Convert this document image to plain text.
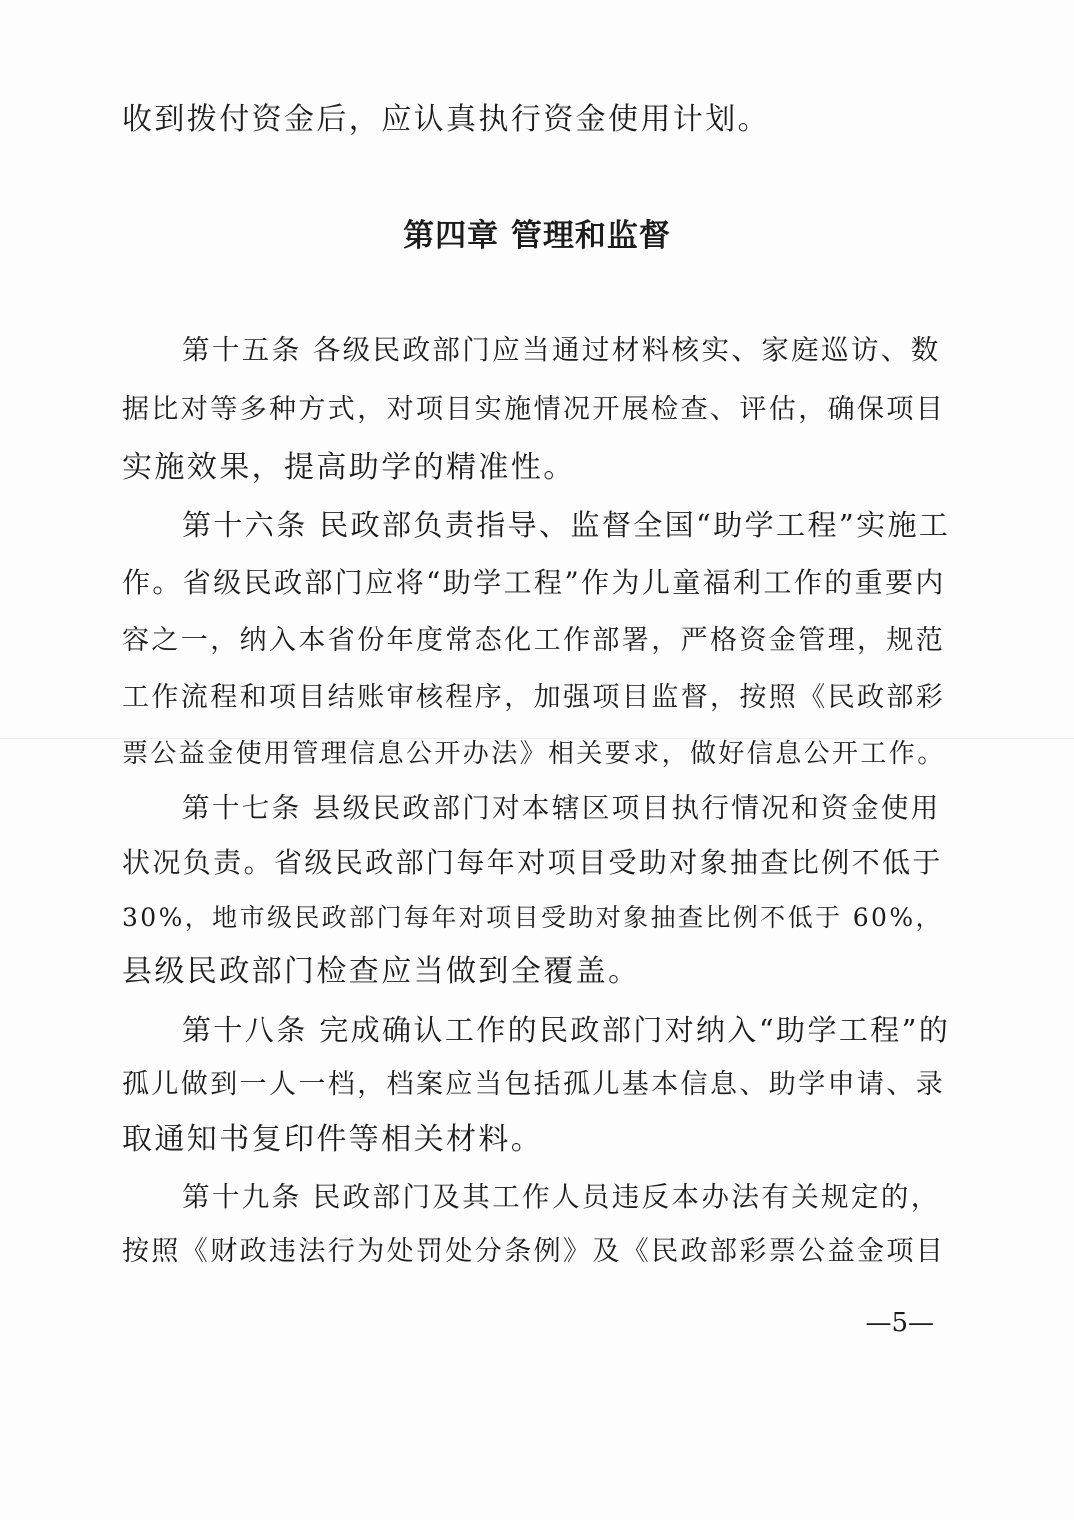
收到拨付资金后，应认真执行资金使用计划。
第四章 管理和监督
第十五条 各级民政部门应当通过材料核实、家庭巡访、数
据比对等多种方式，对项目实施情况开展检查、评估，确保项目
实施效果，提高助学的精准性。
第十六条 民政部负责指导、监督全国“助学工程”实施工
作。省级民政部门应将“助学工程”作为儿童福利工作的重要内
容之一，纳入本省份年度常态化工作部署，严格资金管理，规范
工作流程和项目结账审核程序，加强项目监督，按照《民政部彩
票公益金使用管理信息公开办法》相关要求，做好信息公开工作。
第十七条 县级民政部门对本辖区项目执行情况和资金使用
状况负责。省级民政部门每年对项目受助对象抽查比例不低于
30%，地市级民政部门每年对项目受助对象抽查比例不低于 60%，
县级民政部门检查应当做到全覆盖。
第十八条 完成确认工作的民政部门对纳入“助学工程”的
孤儿做到一人一档，档案应当包括孤儿基本信息、助学申请、录
取通知书复印件等相关材料。
第十九条 民政部门及其工作人员违反本办法有关规定的，
按照《财政违法行为处罚处分条例》及《民政部彩票公益金项目
—5—
